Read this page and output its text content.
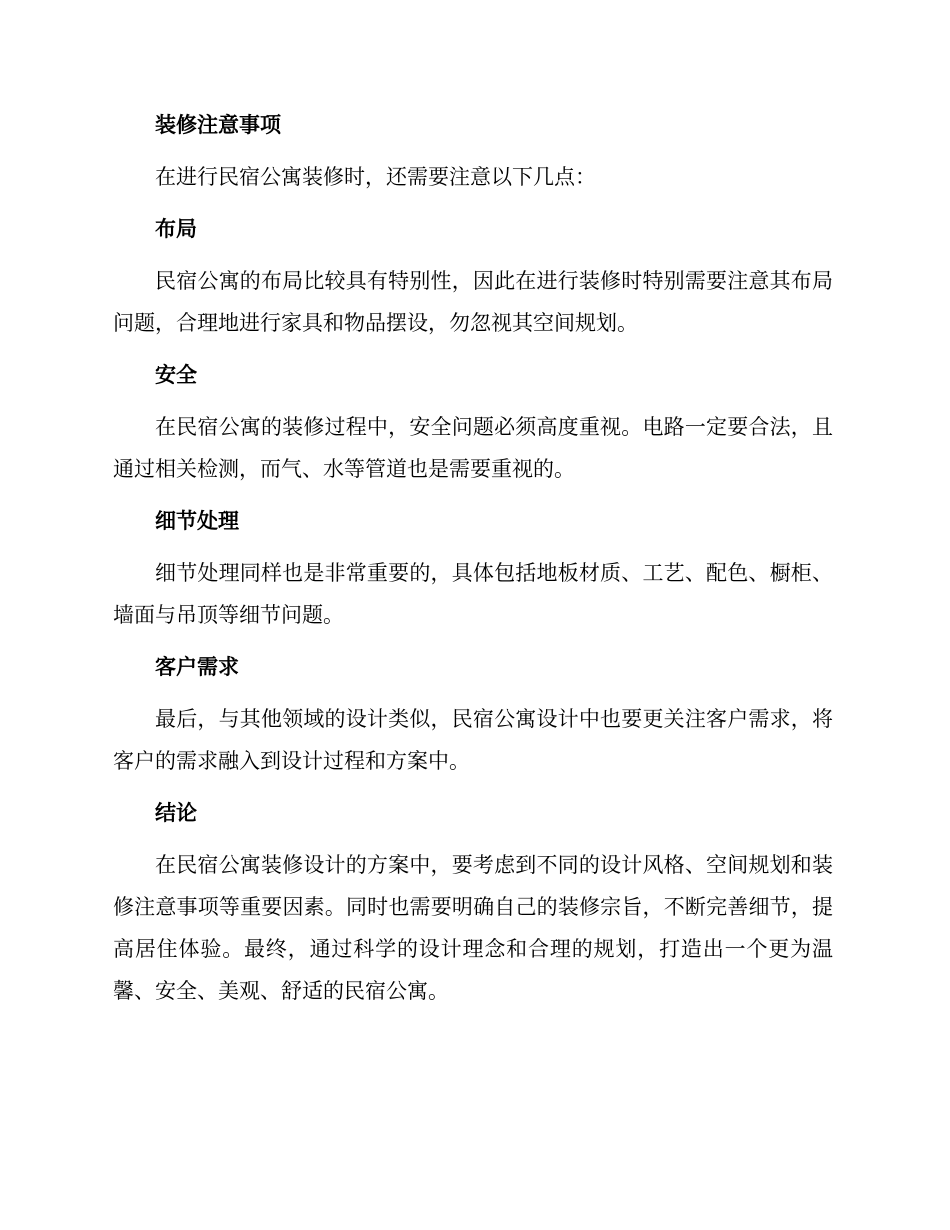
装修注意事项

在进行民宿公寓装修时，还需要注意以下几点：

布局

民宿公寓的布局比较具有特别性，因此在进行装修时特别需要注意其布局问题，合理地进行家具和物品摆设，勿忽视其空间规划。

安全

在民宿公寓的装修过程中，安全问题必须高度重视。电路一定要合法，且通过相关检测，而气、水等管道也是需要重视的。

细节处理

细节处理同样也是非常重要的，具体包括地板材质、工艺、配色、橱柜、墙面与吊顶等细节问题。

客户需求

最后，与其他领域的设计类似，民宿公寓设计中也要更关注客户需求，将客户的需求融入到设计过程和方案中。

结论

在民宿公寓装修设计的方案中，要考虑到不同的设计风格、空间规划和装修注意事项等重要因素。同时也需要明确自己的装修宗旨，不断完善细节，提高居住体验。最终，通过科学的设计理念和合理的规划，打造出一个更为温馨、安全、美观、舒适的民宿公寓。
